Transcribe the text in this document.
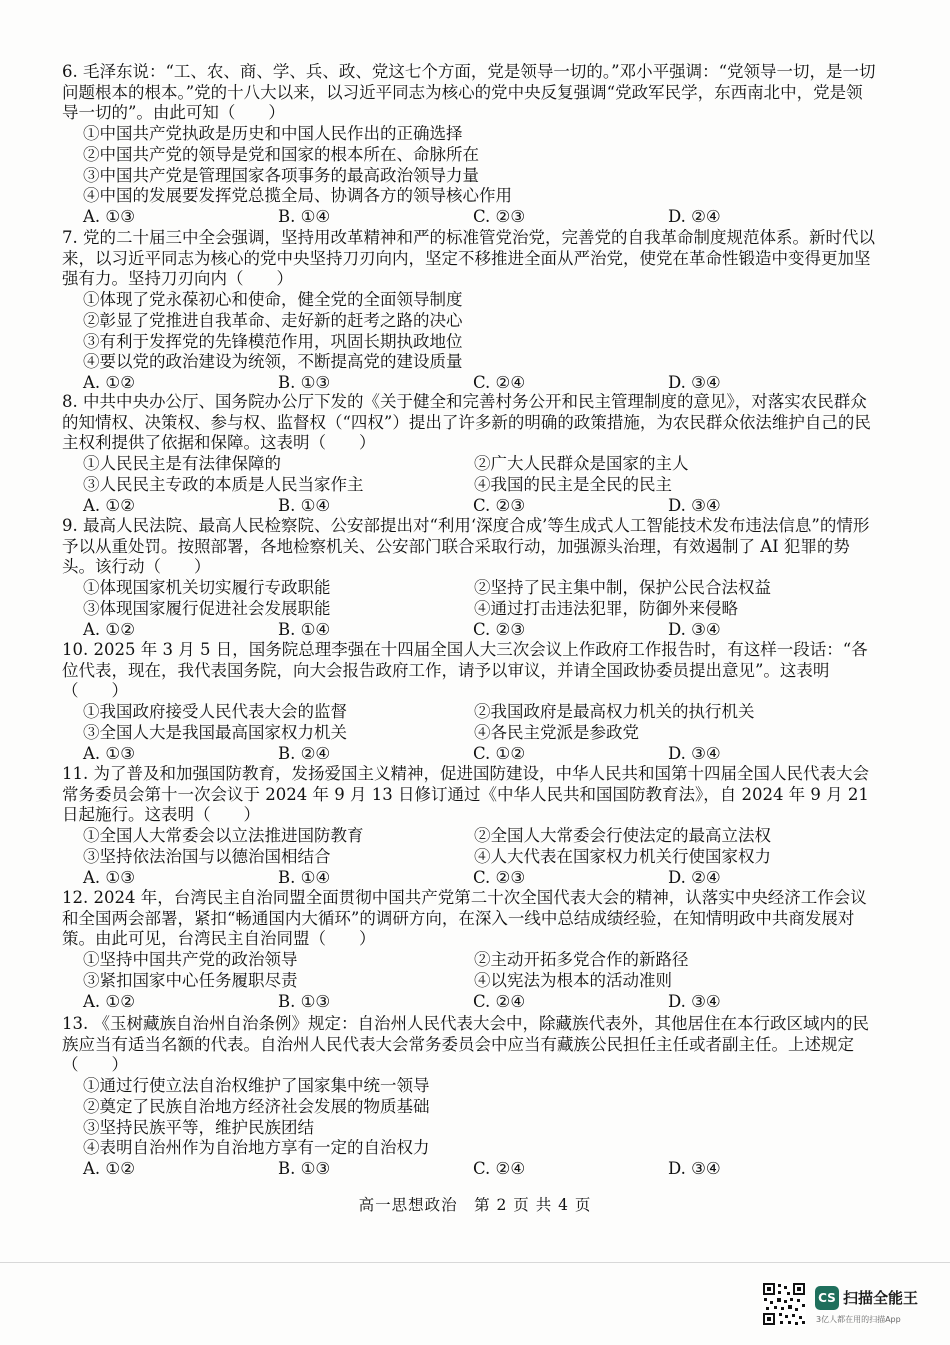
6. 毛泽东说：“工、农、商、学、兵、政、党这七个方面，党是领导一切的。”邓小平强调：“党领导一切，是一切问题根本的根本。”党的十八大以来，以习近平同志为核心的党中央反复强调“党政军民学，东西南北中，党是领导一切的”。由此可知（　　）

①中国共产党执政是历史和中国人民作出的正确选择

②中国共产党的领导是党和国家的根本所在、命脉所在

③中国共产党是管理国家各项事务的最高政治领导力量

④中国的发展要发挥党总揽全局、协调各方的领导核心作用

A. ①③	B. ①④	C. ②③	D. ②④

7. 党的二十届三中全会强调，坚持用改革精神和严的标准管党治党，完善党的自我革命制度规范体系。新时代以来，以习近平同志为核心的党中央坚持刀刃向内，坚定不移推进全面从严治党，使党在革命性锻造中变得更加坚强有力。坚持刀刃向内（　　）

①体现了党永葆初心和使命，健全党的全面领导制度

②彰显了党推进自我革命、走好新的赶考之路的决心

③有利于发挥党的先锋模范作用，巩固长期执政地位

④要以党的政治建设为统领，不断提高党的建设质量

A. ①②	B. ①③	C. ②④	D. ③④

8. 中共中央办公厅、国务院办公厅下发的《关于健全和完善村务公开和民主管理制度的意见》，对落实农民群众的知情权、决策权、参与权、监督权（“四权”）提出了许多新的明确的政策措施，为农民群众依法维护自己的民主权利提供了依据和保障。这表明（　　）

①人民民主是有法律保障的	②广大人民群众是国家的主人
③人民民主专政的本质是人民当家作主	④我国的民主是全民的民主
A. ①②	B. ①④	C. ②③	D. ③④

9. 最高人民法院、最高人民检察院、公安部提出对“利用‘深度合成’等生成式人工智能技术发布违法信息”的情形予以从重处罚。按照部署，各地检察机关、公安部门联合采取行动，加强源头治理，有效遏制了 AI 犯罪的势头。该行动（　　）

①体现国家机关切实履行专政职能	②坚持了民主集中制，保护公民合法权益
③体现国家履行促进社会发展职能	④通过打击违法犯罪，防御外来侵略
A. ①②	B. ①④	C. ②③	D. ③④

10. 2025 年 3 月 5 日，国务院总理李强在十四届全国人大三次会议上作政府工作报告时，有这样一段话：“各位代表，现在，我代表国务院，向大会报告政府工作，请予以审议，并请全国政协委员提出意见”。这表明（　　）

①我国政府接受人民代表大会的监督	②我国政府是最高权力机关的执行机关
③全国人大是我国最高国家权力机关	④各民主党派是参政党
A. ①③	B. ②④	C. ①②	D. ③④

11. 为了普及和加强国防教育，发扬爱国主义精神，促进国防建设，中华人民共和国第十四届全国人民代表大会常务委员会第十一次会议于 2024 年 9 月 13 日修订通过《中华人民共和国国防教育法》，自 2024 年 9 月 21 日起施行。这表明（　　）

①全国人大常委会以立法推进国防教育	②全国人大常委会行使法定的最高立法权
③坚持依法治国与以德治国相结合	④人大代表在国家权力机关行使国家权力
A. ①③	B. ①④	C. ②③	D. ②④

12. 2024 年，台湾民主自治同盟全面贯彻中国共产党第二十次全国代表大会的精神，认落实中央经济工作会议和全国两会部署，紧扣“畅通国内大循环”的调研方向，在深入一线中总结成绩经验，在知情明政中共商发展对策。由此可见，台湾民主自治同盟（　　）

①坚持中国共产党的政治领导	②主动开拓多党合作的新路径
③紧扣国家中心任务履职尽责	④以宪法为根本的活动准则
A. ①②	B. ①③	C. ②④	D. ③④

13. 《玉树藏族自治州自治条例》规定：自治州人民代表大会中，除藏族代表外，其他居住在本行政区域内的民族应当有适当名额的代表。自治州人民代表大会常务委员会中应当有藏族公民担任主任或者副主任。上述规定（　　）

①通过行使立法自治权维护了国家集中统一领导

②奠定了民族自治地方经济社会发展的物质基础

③坚持民族平等，维护民族团结

④表明自治州作为自治地方享有一定的自治权力

A. ①②	B. ①③	C. ②④	D. ③④
高一思想政治　第 2 页 共 4 页
CS 扫描全能王
3亿人都在用的扫描App
